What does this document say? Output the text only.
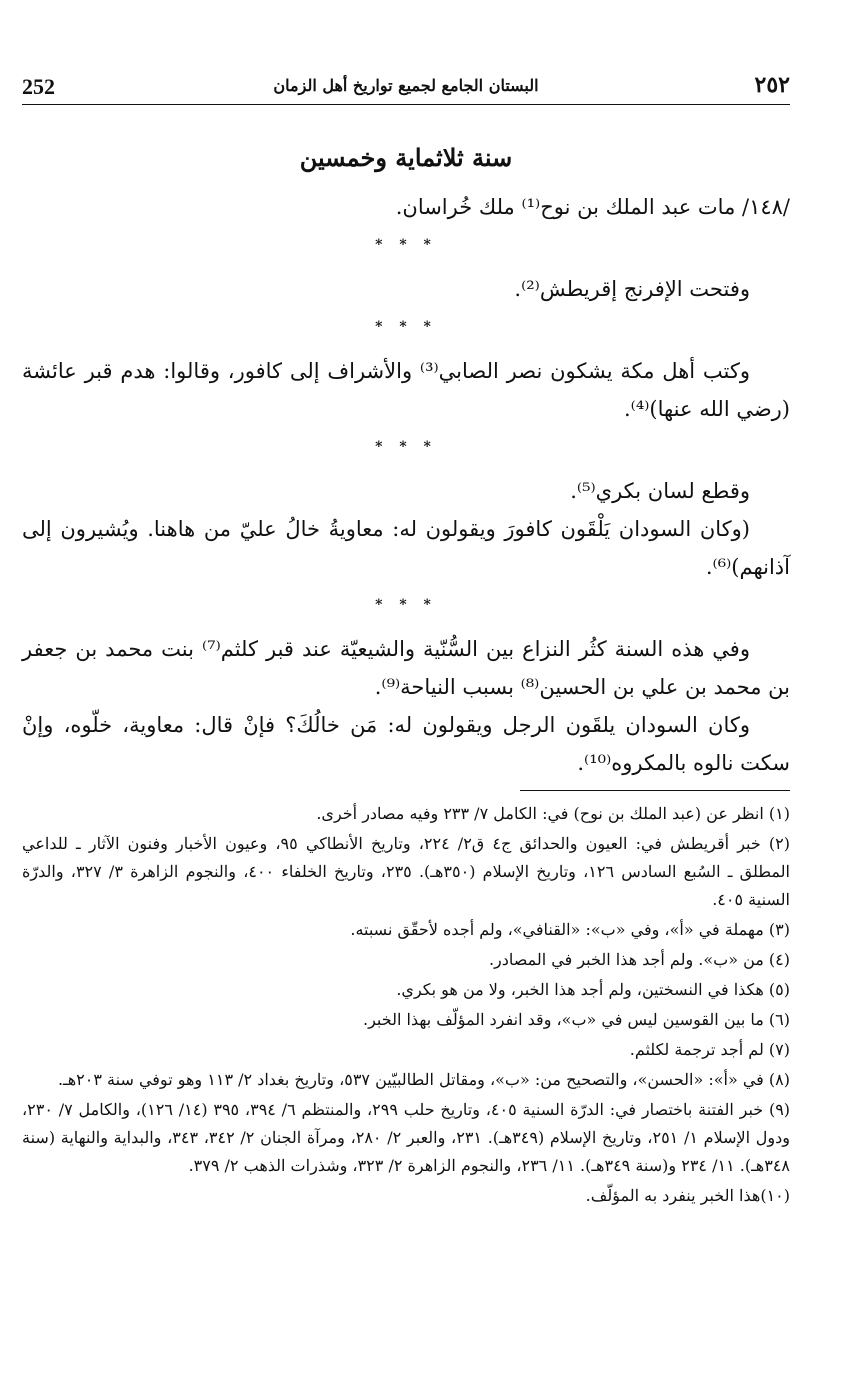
252	البستان الجامع لجميع تواريخ أهل الزمان	٢٥٢
سنة ثلاثماية وخمسين

/١٤٨/ مات عبد الملك بن نوح⁽¹⁾ ملك خُراسان.

* * *

وفتحت الإفرنج إقريطش⁽²⁾.

* * *

وكتب أهل مكة يشكون نصر الصابي⁽³⁾ والأشراف إلى كافور، وقالوا: هدم قبر عائشة (رضي الله عنها)⁽⁴⁾.

* * *

وقطع لسان بكري⁽⁵⁾.

(وكان السودان يَلْقَون كافورَ ويقولون له: معاويةُ خالُ عليّ من هاهنا. ويُشيرون إلى آذانهم)⁽⁶⁾.

* * *

وفي هذه السنة كثُر النزاع بين السُّنّية والشيعيّة عند قبر كلثم⁽⁷⁾ بنت محمد بن جعفر بن محمد بن علي بن الحسين⁽⁸⁾ بسبب النياحة⁽⁹⁾.

وكان السودان يلقَون الرجل ويقولون له: مَن خالُكَ؟ فإنْ قال: معاوية، خلّوه، وإنْ سكت نالوه بالمكروه⁽¹⁰⁾.

(١) انظر عن (عبد الملك بن نوح) في: الكامل ٧/ ٢٣٣ وفيه مصادر أخرى.

(٢) خبر أقريطش في: العيون والحدائق ج٤ ق٢/ ٢٢٤، وتاريخ الأنطاكي ٩٥، وعيون الأخبار وفنون الآثار ـ للداعي المطلق ـ السُبع السادس ١٢٦، وتاريخ الإسلام (٣٥٠هـ). ٢٣٥، وتاريخ الخلفاء ٤٠٠، والنجوم الزاهرة ٣/ ٣٢٧، والدرّة السنية ٤٠٥.

(٣) مهملة في «أ»، وفي «ب»: «القنافي»، ولم أجده لأحقّق نسبته.

(٤) من «ب». ولم أجد هذا الخبر في المصادر.

(٥) هكذا في النسختين، ولم أجد هذا الخبر، ولا من هو بكري.

(٦) ما بين القوسين ليس في «ب»، وقد انفرد المؤلّف بهذا الخبر.

(٧) لم أجد ترجمة لكلثم.

(٨) في «أ»: «الحسن»، والتصحيح من: «ب»، ومقاتل الطالبيّين ٥٣٧، وتاريخ بغداد ٢/ ١١٣ وهو توفي سنة ٢٠٣هـ.

(٩) خبر الفتنة باختصار في: الدرّة السنية ٤٠٥، وتاريخ حلب ٢٩٩، والمنتظم ٦/ ٣٩٤، ٣٩٥ (١٤/ ١٢٦)، والكامل ٧/ ٢٣٠، ودول الإسلام ١/ ٢٥١، وتاريخ الإسلام (٣٤٩هـ). ٢٣١، والعبر ٢/ ٢٨٠، ومرآة الجنان ٢/ ٣٤٢، ٣٤٣، والبداية والنهاية (سنة ٣٤٨هـ). ١١/ ٢٣٤ و(سنة ٣٤٩هـ). ١١/ ٢٣٦، والنجوم الزاهرة ٢/ ٣٢٣، وشذرات الذهب ٢/ ٣٧٩.

(١٠)هذا الخبر ينفرد به المؤلّف.
